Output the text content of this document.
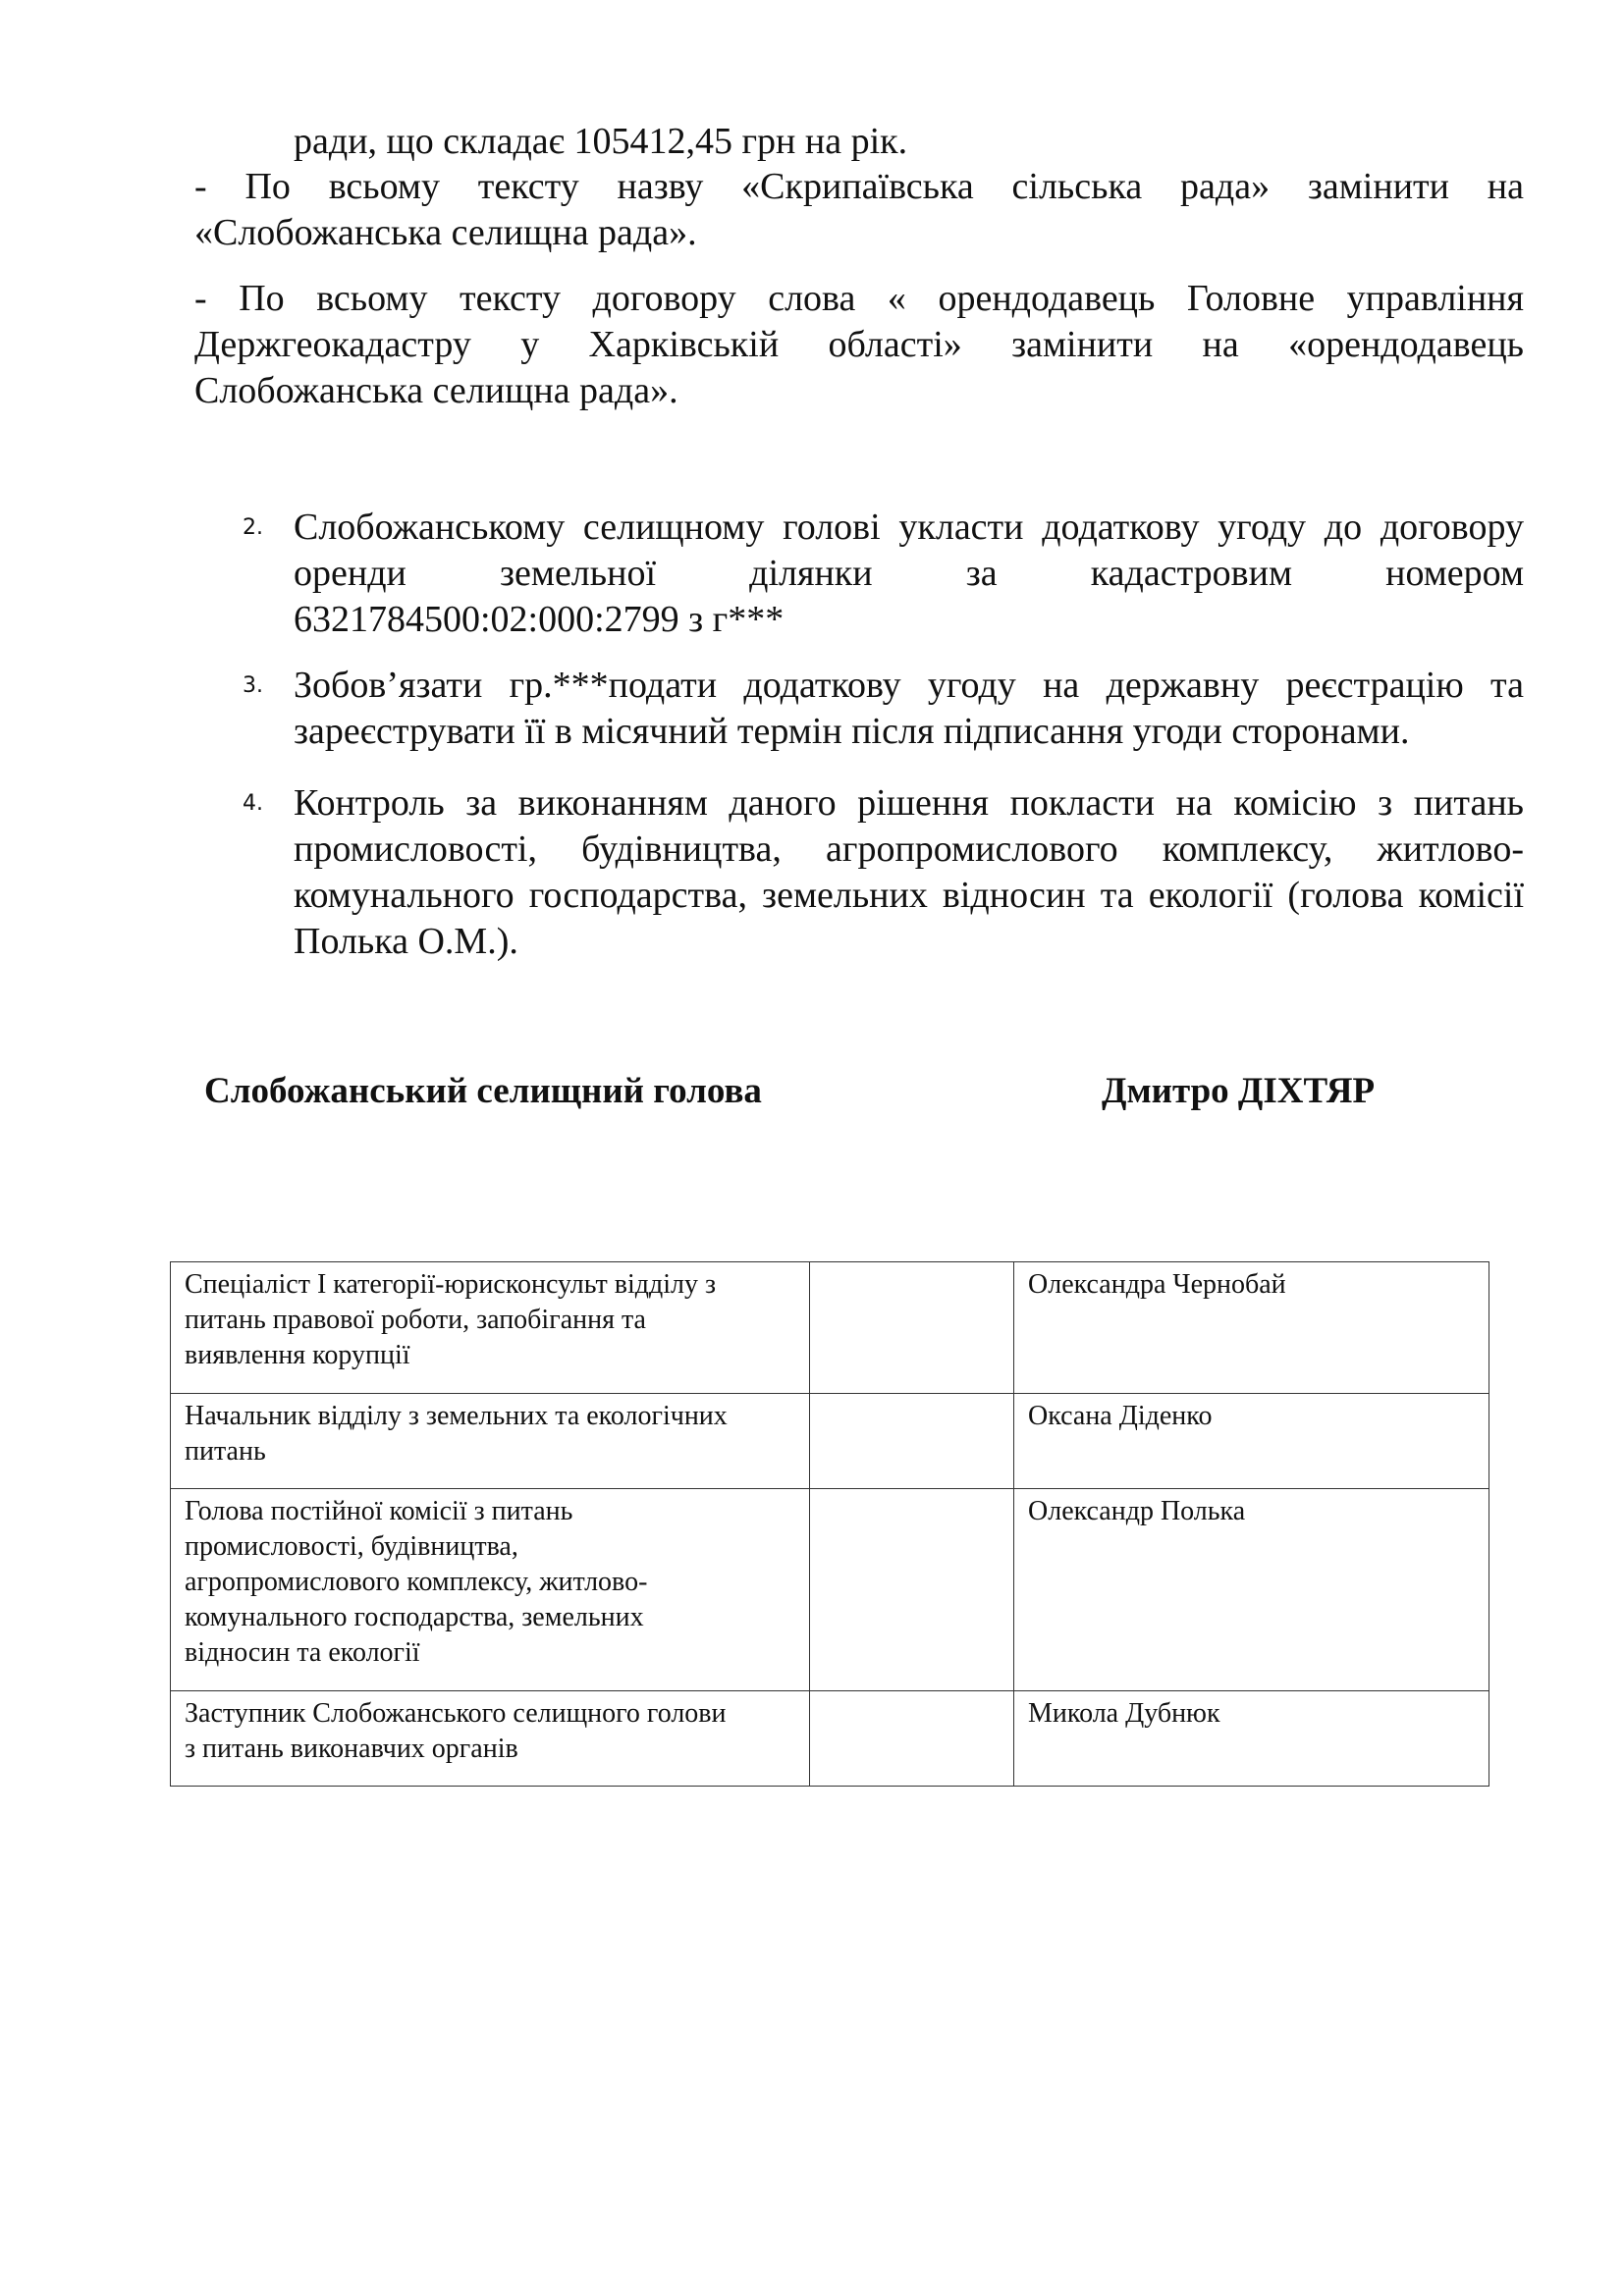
ради, що складає 105412,45 грн на рік.
- По всьому тексту назву «Скрипаївська сільська рада» замінити на
«Слобожанська селищна рада».
- По всьому тексту договору слова « орендодавець Головне управління
Держгеокадастру у Харківській області» замінити на «орендодавець
Слобожанська селищна рада».
2. Слобожанському селищному голові укласти додаткову угоду до договору
оренди земельної ділянки за кадастровим номером
6321784500:02:000:2799 з г***
3. Зобов’язати гр.***подати додаткову угоду на державну реєстрацію та
зареєструвати її в місячний термін після підписання угоди сторонами.
4. Контроль за виконанням даного рішення покласти на комісію з питань
промисловості, будівництва, агропромислового комплексу, житлово-
комунального господарства, земельних відносин та екології (голова комісії
Полька О.М.).
Слобожанський селищний голова	Дмитро ДІХТЯР
Спеціаліст І категорії-юрисконсульт відділу з
питань правової роботи, запобігання та
виявлення корупції		Олександра Чернобай

Начальник відділу з земельних та екологічних
питань		Оксана Діденко

Голова постійної комісії з питань
промисловості, будівництва,
агропромислового комплексу, житлово-
комунального господарства, земельних
відносин та екології		Олександр Полька

Заступник Слобожанського селищного голови
з питань виконавчих органів		Микола Дубнюк
